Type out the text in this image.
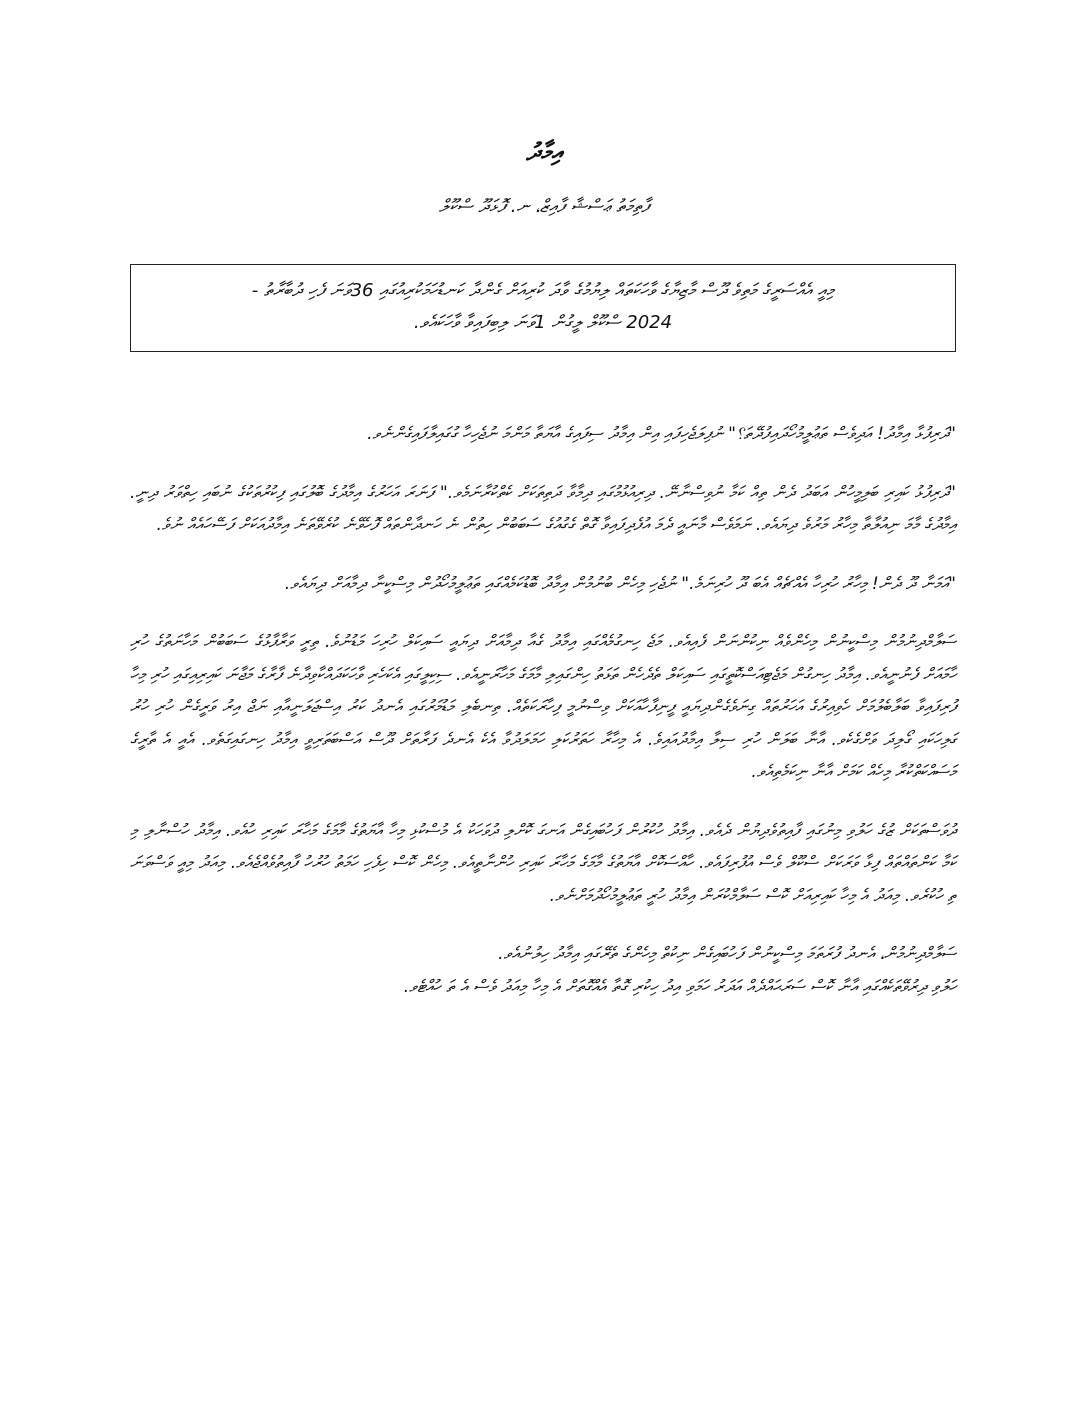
އިމާދު
ފާތިމަތު ޢަސްޝާ ފާއިޒް، ނ. ފޮޅަދޫ ސްކޫލް

މިއީ އެއްސަރީގެ މަތިވެ ދޫސް މާޒިޔާގެ ވާހަކަތައް ލިޔުމުގެ ވާދަ ކުރިއަށް ގެންދާ ކަނޑުހަމަކުރިއުގައި 36ވަނަ ފެހި ދުބާރާތު -

2024 ސްކޫލް ލީގުން 1ވަނަ ލިބިފައިވާ ވާހަކައެވ.

"ދަރިފުޅާ އިމާދު! އަދިވެސް ތަޢުލީމުހޯދައިފުދޭތަ؟" ނުފިލަޖެހިފައި އިން އިމާދު ސިފައިގެ އާޔަތާ މަންމަ ނުޖެހިހާ ގުގައިލާފައިގެންނެވ.

"ދަރިފުޅު ކައިރި ބަލިމީހުން އަބަދު ދެން ތިއް ކަމާ ނުވިސްނާނޭ. ދިރިއުޅުމުގައި ދިމާވާ ދަތިތަކަށް ކެތްކުރާނަމެވ." ފަނަރަ އަހަރުގެ އިމާދުގެ ބޮލުގައި ފިކުރުތަކުގެ ނުބައި ހިތްވަރު ދިނީ. އިމާދުގެ މާމަ ނިއުލާތާ މިހާރު މަރުވެ ދިޔައެވ. ނަމަވެސް މާނައީ ދެމަ އުފެދިފައިވާ ގޮތް ގެގުއުގެ ސަބަބުން ހިތުން ނެ ހަނދާންތައް ފޮހެވޭނެ ކުރެވޭތަނެ އިމާދުއަކަށް ފަސޭހައެއް ނުވެ.

"އަމަނާ ދޫ ދެން! މިހާރު ހުރިހާ އެއްޗެއް އެބަ ދޫ ހުރިނަމެ." ނުޖެހި މިހެން ބުނުމުން އިމާދު ބޮޑުކަމެއްގައި ތަޢުލީމުހޯދުން މިސްކީނާ ދިމާއަށް ދިޔައެވ.

ސަލާމްދިނުމުން މިސްކީނުން މިހެންވެއް ނިކުންނަން ފެއިއެވ. މަޖެ ހިނގުމެއްގައި އިމާދު ގެއާ ދިމާއަށް ދިޔައީ ސައިކަލް ހުރިހަ މަޑުނުވެ. ތިރީ ވަރާފާޅުގެ ސަބަބުން މަހާނަތުގެ ހުރި ހާމައަށް ފެނުނީއެވ. އިމާދު ހިނގުން މަޖެޓިއަސްކޮތީގައި ސައިކަލް ތެދެހެން ތަޅަތު ހިންގައިލި މާމަގެ މަހާރަނީއެވ. ސިކިލީގައި އެކަހެރި ވާހަކަދައްކާވިދާނެ ފާރާގެ މަޖާނަ ކައިރިއިގައި ހުރި މިހާ ފުރިފައިވާ ބަލާބެލުމަށް ހެވިއިރުގެ އަހަރުތައް ގިނަވެގެންދިޔައީ ފީނިފާހާއަކަށް ވިސްނުމީ ފިހާރަކަތެއް. ތިނބެލި މަޑުމަރުގައި އެނދު ކަރު އިސްޖަލަނީއާއި ނަޖް އިރު ވަރީގެން ހުރި ހުރު ގަލިހަކައި ގޯލިދަ ވަށްގެކެވ. އާނާ ބަލަން ހުރި ސިލާ އިމާދުއައިވެ. އެ މިހާރާ ހަތަރުކަލި ހަމަލަދުވާ އެކެ އެނދެ ފަރާތަށް ދޫސް އަސްބަތަރިވީ އިމާދު ހިނގައިގަތެވ. އެއީ އެ ތާރީގެ މަސައްކަތްކުރާ މިހެއް ކަމަށް އާނާ ނިކަމެތިއެވ.

ދުވަސްތަކަށް ޒުގެ ހަލުވި މިނުގައި ފާއިތުވެދިޔުން ދެއެވ. އިމާދު ހުކުރުން ފަހުބައިގެން އަނގަ ކޮށްލި ދުވަހަކު އެ މުސްކުޅި މިހާ އާޔަތުގެ މާމަގެ މަހާރަ ކައިރި ހުއެވ. އިމާދު ހުސްނާލި މި ކަމާ ކަންތައްތައް ފިޅާ ވަރަކަށް ސްކޫލް ވެސް އުފުރިފައެވ. ހާއްސަކޮށް އާޔަތުގެ މާމަގެ މަހާރަ ކައިރި ހުންނާތީއެވ. މިހެން ކޮސް ހިފެހި ހަމަތު ހުރުހު ފާއިތުވެއްޖެއެވ. މިއަދު މިއީ ވަސްވަނަ ތި ހުކުރެވ. މިއަދު އެ މިހާ ކައިރިއަށް ކޮސް ސަލާމްކުރަން އިމާދު ހުރީ ތަޢުލީމުހޯދުމަށްނެވ.

ސަލާމްދިނުމުން، އެނދު ފުރަތަމަ މިސްކީނުން ފަހުބައިގެން ނިކުތް މިހެންގެ ތެރޭގައި އިމާދު ހިލުނުއެވ.

ހަލުވި ދިރުވޭތަކެއްގައި އާނާ ކޮސް ސަރަޙައްދެއް އަދަރު ހަމަވި އިދު ހިކުރި ގޮތާ އެއްގޮތަށް އެ މިހާ މިއަދު ވެސް އެ ތަ ހުއްޓެވ.
